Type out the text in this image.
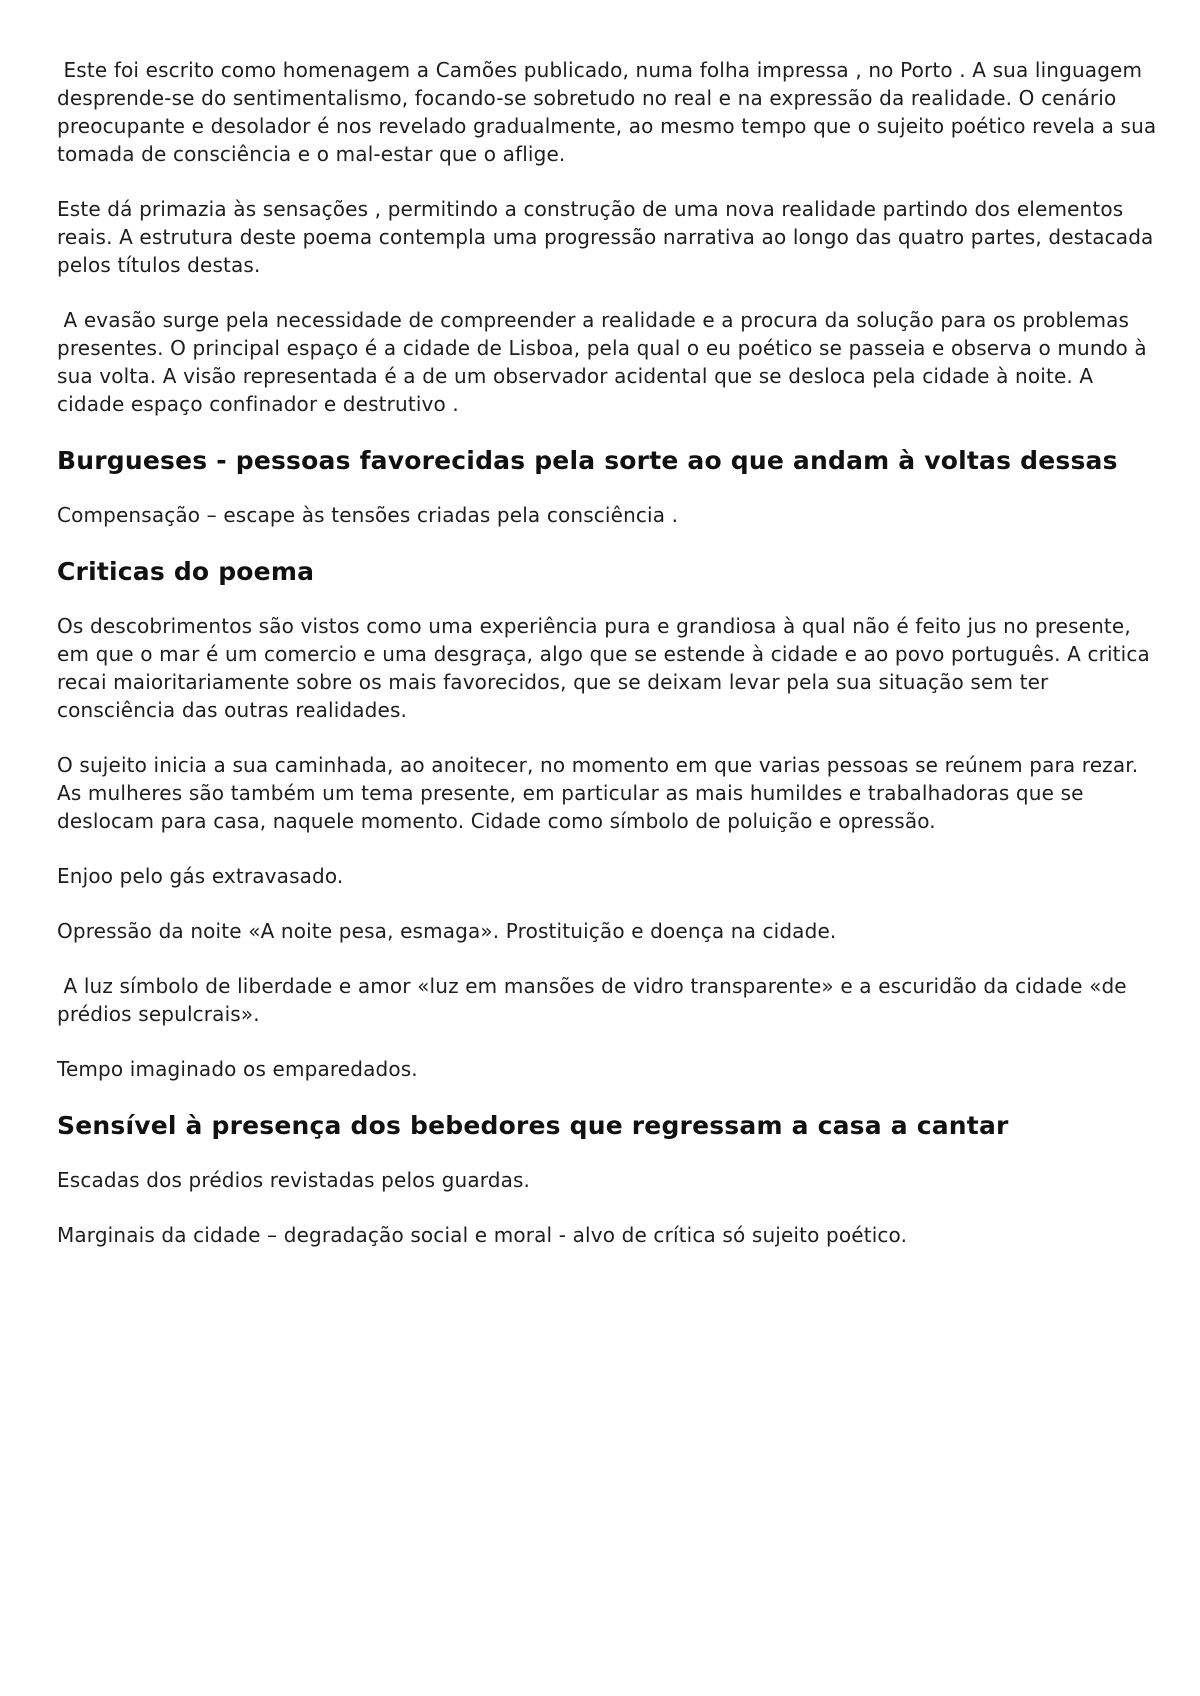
Este foi escrito como homenagem a Camões publicado, numa folha impressa , no Porto . A sua linguagem desprende-se do sentimentalismo, focando-se sobretudo no real e na expressão da realidade. O cenário preocupante e desolador é nos revelado gradualmente, ao mesmo tempo que o sujeito poético revela a sua tomada de consciência e o mal-estar que o aflige.

Este dá primazia às sensações , permitindo a construção de uma nova realidade partindo dos elementos reais. A estrutura deste poema contempla uma progressão narrativa ao longo das quatro partes, destacada pelos títulos destas.

A evasão surge pela necessidade de compreender a realidade e a procura da solução para os problemas presentes. O principal espaço é a cidade de Lisboa, pela qual o eu poético se passeia e observa o mundo à sua volta. A visão representada é a de um observador acidental que se desloca pela cidade à noite. A cidade espaço confinador e destrutivo .

Burgueses - pessoas favorecidas pela sorte ao que andam à voltas dessas

Compensação – escape às tensões criadas pela consciência .

Criticas do poema

Os descobrimentos são vistos como uma experiência pura e grandiosa à qual não é feito jus no presente, em que o mar é um comercio e uma desgraça, algo que se estende à cidade e ao povo português. A critica recai maioritariamente sobre os mais favorecidos, que se deixam levar pela sua situação sem ter consciência das outras realidades.

O sujeito inicia a sua caminhada, ao anoitecer, no momento em que varias pessoas se reúnem para rezar. As mulheres são também um tema presente, em particular as mais humildes e trabalhadoras que se deslocam para casa, naquele momento. Cidade como símbolo de poluição e opressão.

Enjoo pelo gás extravasado.

Opressão da noite «A noite pesa, esmaga». Prostituição e doença na cidade.

A luz símbolo de liberdade e amor «luz em mansões de vidro transparente» e a escuridão da cidade «de prédios sepulcrais».

Tempo imaginado os emparedados.

Sensível à presença dos bebedores que regressam a casa a cantar

Escadas dos prédios revistadas pelos guardas.

Marginais da cidade – degradação social e moral - alvo de crítica só sujeito poético.
